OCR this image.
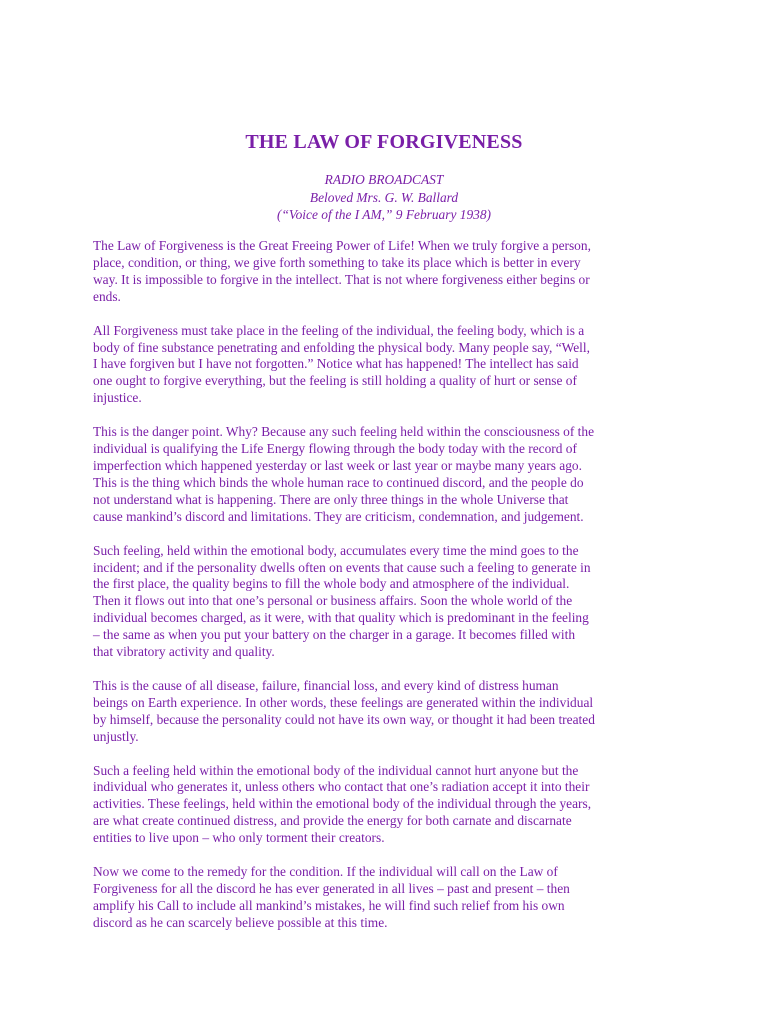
THE LAW OF FORGIVENESS
RADIO BROADCAST
Beloved Mrs. G. W. Ballard
(“Voice of the I AM,” 9 February 1938)

The Law of Forgiveness is the Great Freeing Power of Life! When we truly forgive a person,
place, condition, or thing, we give forth something to take its place which is better in every
way. It is impossible to forgive in the intellect. That is not where forgiveness either begins or
ends.

All Forgiveness must take place in the feeling of the individual, the feeling body, which is a
body of fine substance penetrating and enfolding the physical body. Many people say, “Well,
I have forgiven but I have not forgotten.” Notice what has happened! The intellect has said
one ought to forgive everything, but the feeling is still holding a quality of hurt or sense of
injustice.

This is the danger point. Why? Because any such feeling held within the consciousness of the
individual is qualifying the Life Energy flowing through the body today with the record of
imperfection which happened yesterday or last week or last year or maybe many years ago.
This is the thing which binds the whole human race to continued discord, and the people do
not understand what is happening. There are only three things in the whole Universe that
cause mankind’s discord and limitations. They are criticism, condemnation, and judgement.

Such feeling, held within the emotional body, accumulates every time the mind goes to the
incident; and if the personality dwells often on events that cause such a feeling to generate in
the first place, the quality begins to fill the whole body and atmosphere of the individual.
Then it flows out into that one’s personal or business affairs. Soon the whole world of the
individual becomes charged, as it were, with that quality which is predominant in the feeling
– the same as when you put your battery on the charger in a garage. It becomes filled with
that vibratory activity and quality.

This is the cause of all disease, failure, financial loss, and every kind of distress human
beings on Earth experience. In other words, these feelings are generated within the individual
by himself, because the personality could not have its own way, or thought it had been treated
unjustly.

Such a feeling held within the emotional body of the individual cannot hurt anyone but the
individual who generates it, unless others who contact that one’s radiation accept it into their
activities. These feelings, held within the emotional body of the individual through the years,
are what create continued distress, and provide the energy for both carnate and discarnate
entities to live upon – who only torment their creators.

Now we come to the remedy for the condition. If the individual will call on the Law of
Forgiveness for all the discord he has ever generated in all lives – past and present – then
amplify his Call to include all mankind’s mistakes, he will find such relief from his own
discord as he can scarcely believe possible at this time.
